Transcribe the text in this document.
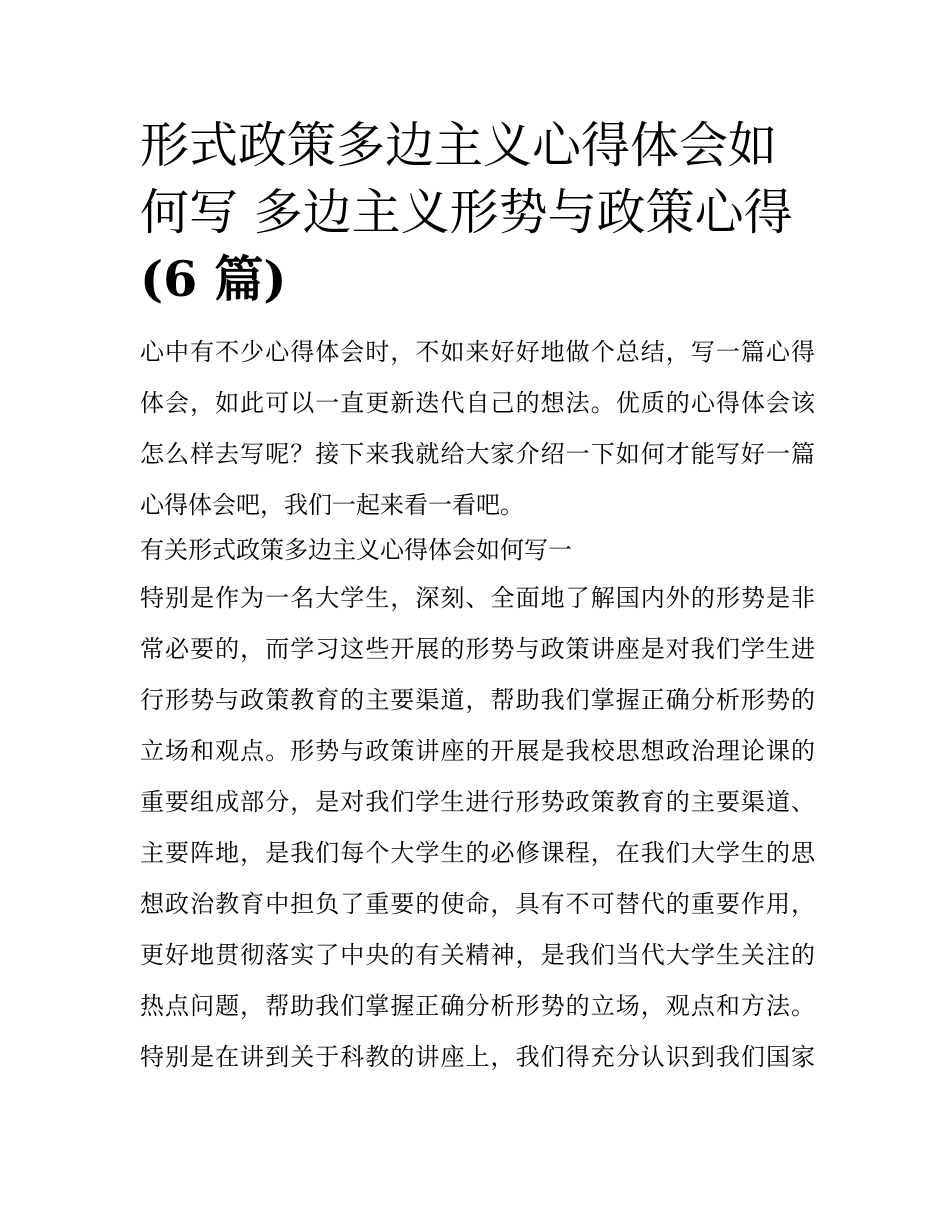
形式政策多边主义心得体会如
何写 多边主义形势与政策心得
(6 篇)
心中有不少心得体会时，不如来好好地做个总结，写一篇心得
体会，如此可以一直更新迭代自己的想法。优质的心得体会该
怎么样去写呢？接下来我就给大家介绍一下如何才能写好一篇
心得体会吧，我们一起来看一看吧。
有关形式政策多边主义心得体会如何写一
特别是作为一名大学生，深刻、全面地了解国内外的形势是非
常必要的，而学习这些开展的形势与政策讲座是对我们学生进
行形势与政策教育的主要渠道，帮助我们掌握正确分析形势的
立场和观点。形势与政策讲座的开展是我校思想政治理论课的
重要组成部分，是对我们学生进行形势政策教育的主要渠道、
主要阵地，是我们每个大学生的必修课程，在我们大学生的思
想政治教育中担负了重要的使命，具有不可替代的重要作用，
更好地贯彻落实了中央的有关精神，是我们当代大学生关注的
热点问题，帮助我们掌握正确分析形势的立场，观点和方法。
特别是在讲到关于科教的讲座上，我们得充分认识到我们国家
